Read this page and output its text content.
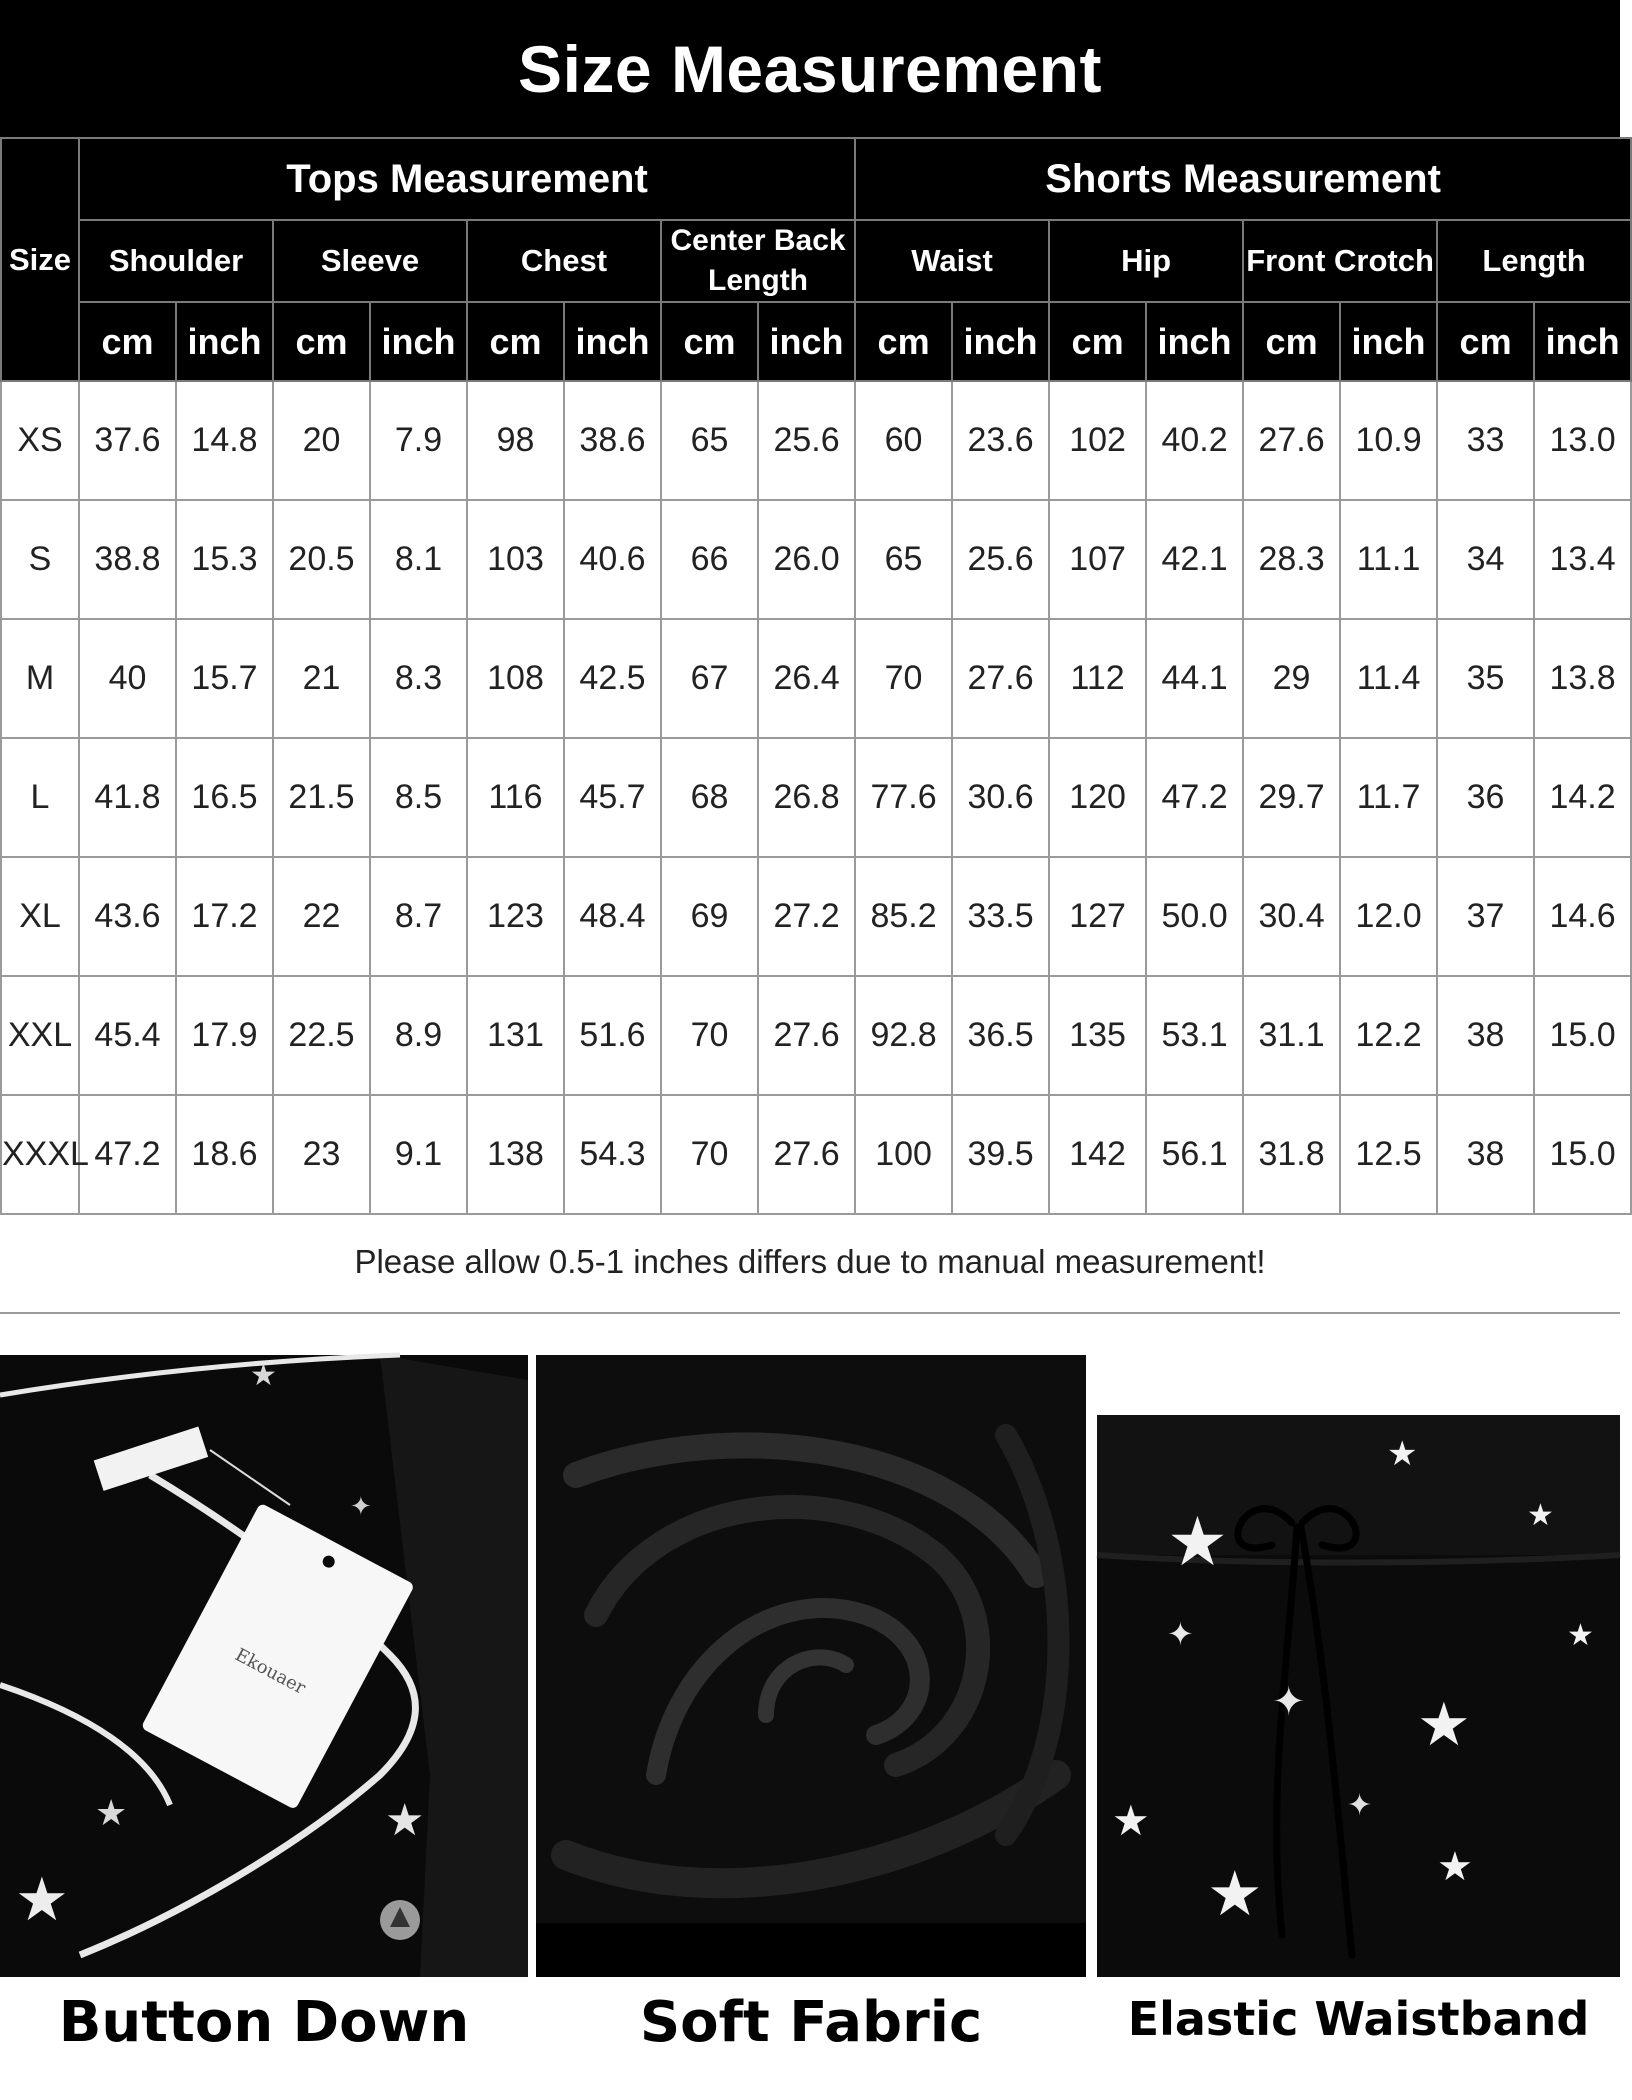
Size Measurement
Size	Tops Measurement								Shorts Measurement							
	Shoulder		Sleeve		Chest		Center Back Length		Waist		Hip		Front Crotch		Length	
	cm	inch	cm	inch	cm	inch	cm	inch	cm	inch	cm	inch	cm	inch	cm	inch
XS	37.6	14.8	20	7.9	98	38.6	65	25.6	60	23.6	102	40.2	27.6	10.9	33	13.0
S	38.8	15.3	20.5	8.1	103	40.6	66	26.0	65	25.6	107	42.1	28.3	11.1	34	13.4
M	40	15.7	21	8.3	108	42.5	67	26.4	70	27.6	112	44.1	29	11.4	35	13.8
L	41.8	16.5	21.5	8.5	116	45.7	68	26.8	77.6	30.6	120	47.2	29.7	11.7	36	14.2
XL	43.6	17.2	22	8.7	123	48.4	69	27.2	85.2	33.5	127	50.0	30.4	12.0	37	14.6
XXL	45.4	17.9	22.5	8.9	131	51.6	70	27.6	92.8	36.5	135	53.1	31.1	12.2	38	15.0
XXXL	47.2	18.6	23	9.1	138	54.3	70	27.6	100	39.5	142	56.1	31.8	12.5	38	15.0
Please allow 0.5-1 inches differs due to manual measurement!
Ekouaer
★
★
★
★
✦	★
★
★
★
★
★
★	★
✦
✦
✦
Button Down	Soft Fabric	Elastic Waistband
